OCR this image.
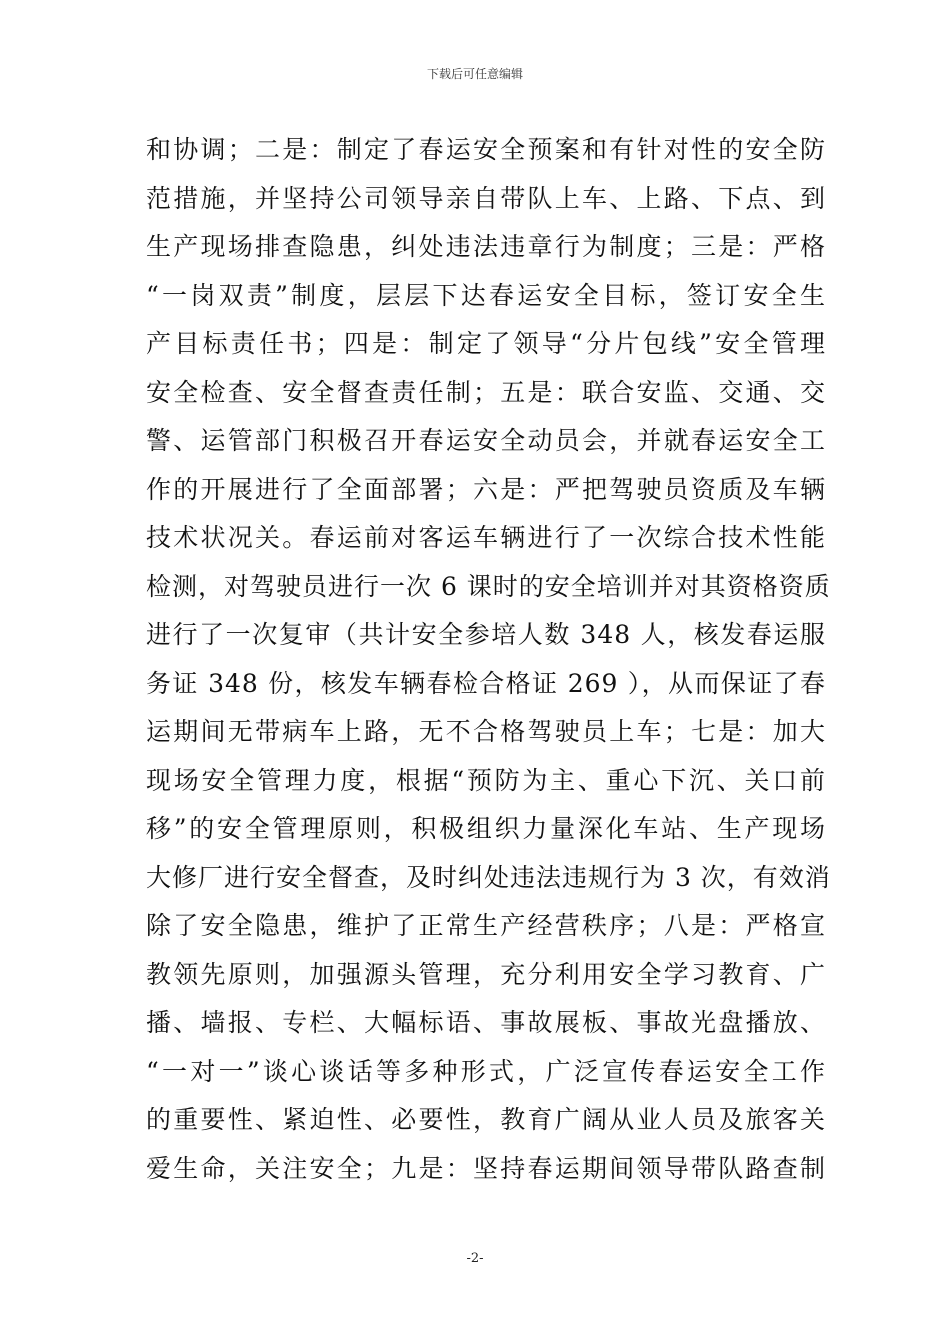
下载后可任意编辑
和协调；二是：制定了春运安全预案和有针对性的安全防
范措施，并坚持公司领导亲自带队上车、上路、下点、到
生产现场排查隐患，纠处违法违章行为制度；三是：严格
“一岗双责”制度，层层下达春运安全目标，签订安全生
产目标责任书；四是：制定了领导“分片包线”安全管理
安全检查、安全督查责任制；五是：联合安监、交通、交
警、运管部门积极召开春运安全动员会，并就春运安全工
作的开展进行了全面部署；六是：严把驾驶员资质及车辆
技术状况关。春运前对客运车辆进行了一次综合技术性能
检测，对驾驶员进行一次 6 课时的安全培训并对其资格资质
进行了一次复审（共计安全参培人数 348 人，核发春运服
务证 348 份，核发车辆春检合格证 269 ），从而保证了春
运期间无带病车上路，无不合格驾驶员上车；七是：加大
现场安全管理力度，根据“预防为主、重心下沉、关口前
移”的安全管理原则，积极组织力量深化车站、生产现场
大修厂进行安全督查，及时纠处违法违规行为 3 次，有效消
除了安全隐患，维护了正常生产经营秩序；八是：严格宣
教领先原则，加强源头管理，充分利用安全学习教育、广
播、墙报、专栏、大幅标语、事故展板、事故光盘播放、
“一对一”谈心谈话等多种形式，广泛宣传春运安全工作
的重要性、紧迫性、必要性，教育广阔从业人员及旅客关
爱生命，关注安全；九是：坚持春运期间领导带队路查制
-2-
